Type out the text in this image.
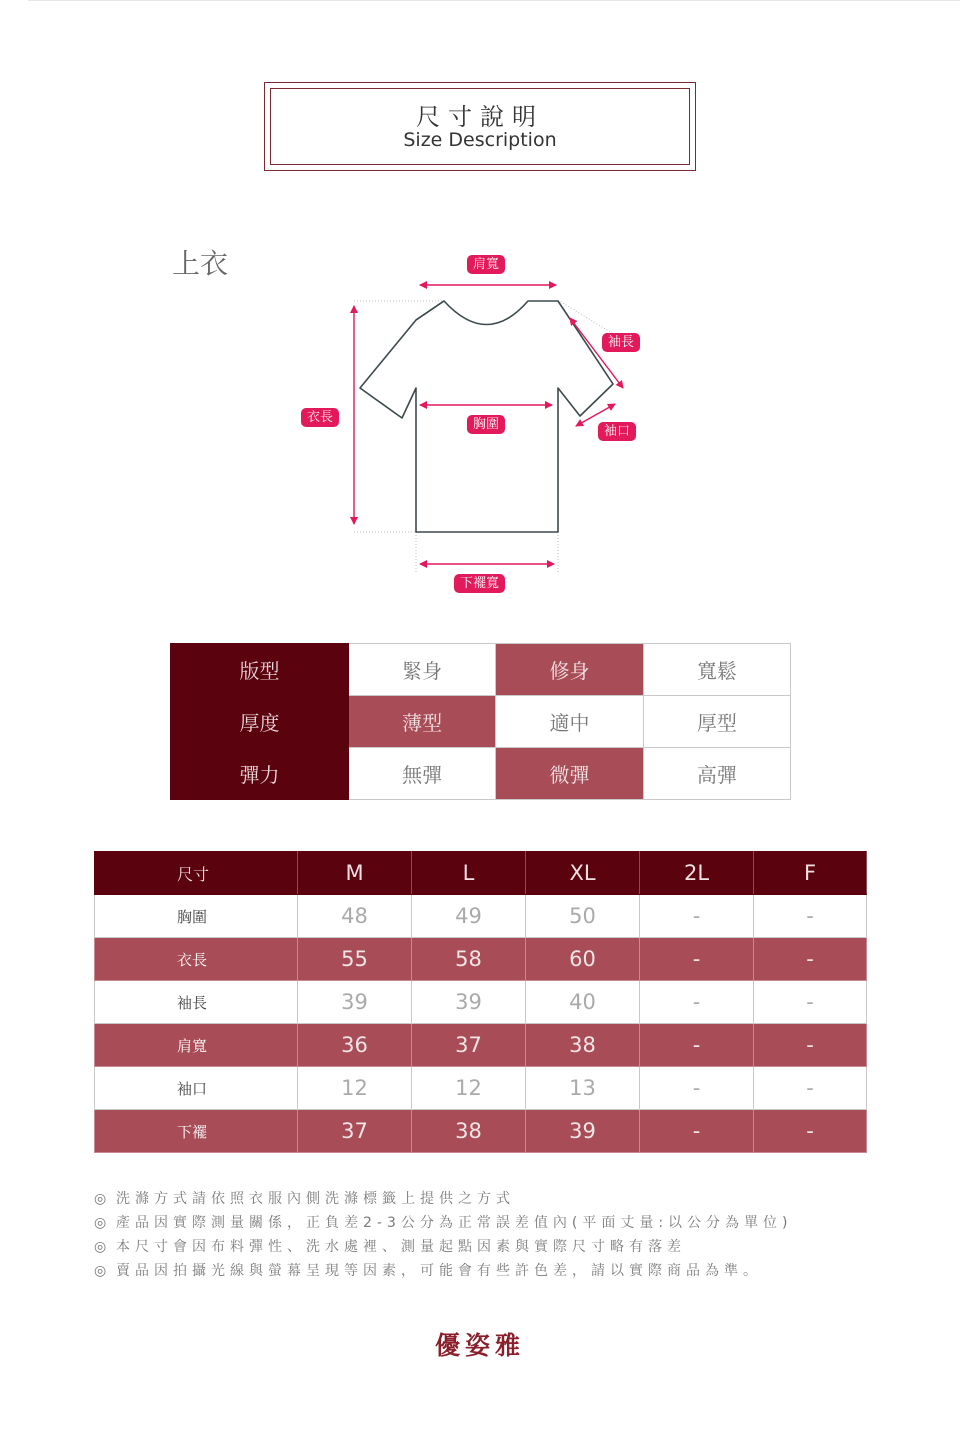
尺寸說明
Size Description
上衣	肩寬
袖長
衣長	胸圍	袖口
下襬寬
版型	緊身	修身	寬鬆
厚度	薄型	適中	厚型
彈力	無彈	微彈	高彈
尺寸	M	L	XL	2L	F
胸圍	48	49	50	-	-
衣長	55	58	60	-	-
袖長	39	39	40	-	-
肩寬	36	37	38	-	-
袖口	12	12	13	-	-
下襬	37	38	39	-	-
◎ 洗滌方式請依照衣服內側洗滌標籤上提供之方式
◎ 產品因實際測量關係，正負差2-3公分為正常誤差值內(平面丈量:以公分為單位)
◎ 本尺寸會因布料彈性、洗水處裡、測量起點因素與實際尺寸略有落差
◎ 賣品因拍攝光線與螢幕呈現等因素，可能會有些許色差，請以實際商品為準。
優姿雅
